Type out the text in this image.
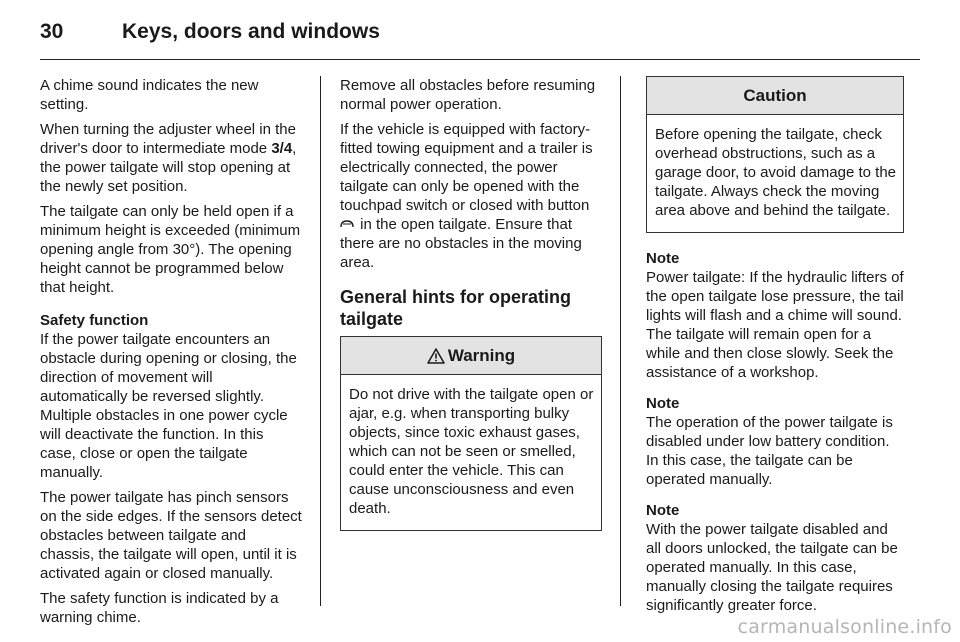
30	Keys, doors and windows

A chime sound indicates the new setting.

When turning the adjuster wheel in the driver's door to intermediate mode 3/4, the power tailgate will stop opening at the newly set position.

The tailgate can only be held open if a minimum height is exceeded (minimum opening angle from 30°). The opening height cannot be programmed below that height.

Safety function

If the power tailgate encounters an obstacle during opening or closing, the direction of movement will automatically be reversed slightly. Multiple obstacles in one power cycle will deactivate the function. In this case, close or open the tailgate manually.

The power tailgate has pinch sensors on the side edges. If the sensors detect obstacles between tailgate and chassis, the tailgate will open, until it is activated again or closed manually.

The safety function is indicated by a warning chime.

Remove all obstacles before resuming normal power operation.

If the vehicle is equipped with factory-fitted towing equipment and a trailer is electrically connected, the power tailgate can only be opened with the touchpad switch or closed with button  in the open tailgate. Ensure that there are no obstacles in the moving area.

General hints for operating tailgate

Warning
Do not drive with the tailgate open or ajar, e.g. when transporting bulky objects, since toxic exhaust gases, which can not be seen or smelled, could enter the vehicle. This can cause unconsciousness and even death.
Caution
Before opening the tailgate, check overhead obstructions, such as a garage door, to avoid damage to the tailgate. Always check the moving area above and behind the tailgate.
Note
Power tailgate: If the hydraulic lifters of the open tailgate lose pressure, the tail lights will flash and a chime will sound. The tailgate will remain open for a while and then close slowly. Seek the assistance of a workshop.
Note
The operation of the power tailgate is disabled under low battery condition. In this case, the tailgate can be operated manually.
Note
With the power tailgate disabled and all doors unlocked, the tailgate can be operated manually. In this case, manually closing the tailgate requires significantly greater force.
carmanualsonline.info
